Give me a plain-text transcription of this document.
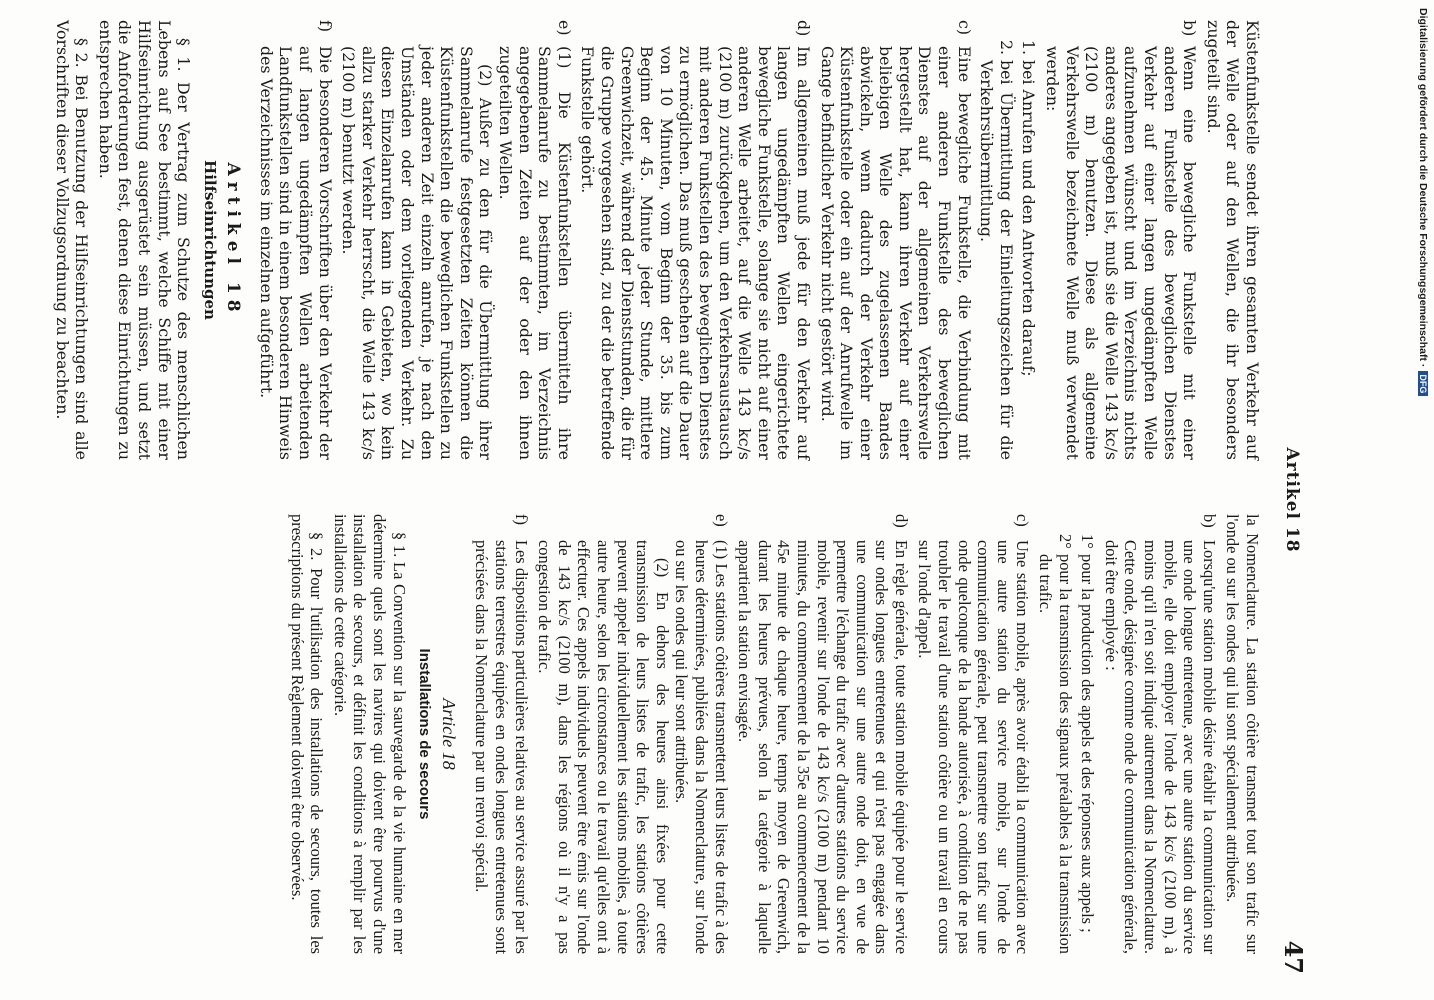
Artikel 18
47

Küstenfunkstelle sendet ihren gesamten Verkehr auf der Welle oder auf den Wellen, die ihr besonders zugeteilt sind.

b)
Wenn eine bewegliche Funkstelle mit einer anderen Funkstelle des beweglichen Dienstes Verkehr auf einer langen ungedämpften Welle aufzunehmen wünscht und im Verzeichnis nichts anderes angegeben ist, muß sie die Welle 143 kc/s (2100 m) benutzen. Diese als allgemeine Verkehrswelle bezeichnete Welle muß verwendet werden:
1.
bei Anrufen und den Antworten darauf;
2.
bei Übermittlung der Einleitungszeichen für die Verkehrsübermittlung.
c)
Eine bewegliche Funkstelle, die Verbindung mit einer anderen Funkstelle des beweglichen Dienstes auf der allgemeinen Verkehrswelle hergestellt hat, kann ihren Verkehr auf einer beliebigen Welle des zugelassenen Bandes abwickeln, wenn dadurch der Verkehr einer Küstenfunkstelle oder ein auf der Anrufwelle im Gange befindlicher Verkehr nicht gestört wird.
d)
Im allgemeinen muß jede für den Verkehr auf langen ungedämpften Wellen eingerichtete bewegliche Funkstelle, solange sie nicht auf einer anderen Welle arbeitet, auf die Welle 143 kc/s (2100 m) zurückgehen, um den Verkehrsaustausch mit anderen Funkstellen des beweglichen Dienstes zu ermöglichen. Das muß geschehen auf die Dauer von 10 Minuten, vom Beginn der 35. bis zum Beginn der 45. Minute jeder Stunde, mittlere Greenwichzeit, während der Dienststunden, die für die Gruppe vorgesehen sind, zu der die betreffende Funkstelle gehört.
e)
(1) Die Küstenfunkstellen übermitteln ihre Sammelanrufe zu bestimmten, im Verzeichnis angegebenen Zeiten auf der oder den ihnen zugeteilten Wellen.

(2) Außer zu den für die Übermittlung ihrer Sammelanrufe festgesetzten Zeiten können die Küstenfunkstellen die beweglichen Funkstellen zu jeder anderen Zeit einzeln anrufen, je nach den Umständen oder dem vorliegenden Verkehr. Zu diesen Einzelanrufen kann in Gebieten, wo kein allzu starker Verkehr herrscht, die Welle 143 kc/s (2100 m) benutzt werden.

f)
Die besonderen Vorschriften über den Verkehr der auf langen ungedämpften Wellen arbeitenden Landfunkstellen sind in einem besonderen Hinweis des Verzeichnisses im einzelnen aufgeführt.
Artikel 18
Hilfseinrichtungen

§ 1. Der Vertrag zum Schutze des menschlichen Lebens auf See bestimmt, welche Schiffe mit einer Hilfseinrichtung ausgerüstet sein müssen, und setzt die Anforderungen fest, denen diese Einrichtungen zu entsprechen haben.

§ 2. Bei Benutzung der Hilfseinrichtungen sind alle Vorschriften dieser Vollzugsordnung zu beachten.

la Nomenclature. La station côtière transmet tout son trafic sur l'onde ou sur les ondes qui lui sont spécialement attribuées.

b)
Lorsqu'une station mobile désire établir la communication sur une onde longue entretenue, avec une autre station du service mobile, elle doit employer l'onde de 143 kc/s (2100 m), à moins qu'il n'en soit indiqué autrement dans la Nomenclature. Cette onde, désignée comme onde de communication générale, doit être employée :
1°
pour la production des appels et des réponses aux appels ;
2°
pour la transmission des signaux préalables à la transmission du trafic.
c)
Une station mobile, après avoir établi la communication avec une autre station du service mobile, sur l'onde de communication générale, peut transmettre son trafic sur une onde quelconque de la bande autorisée, à condition de ne pas troubler le travail d'une station côtière ou un travail en cours sur l'onde d'appel.
d)
En règle générale, toute station mobile équipée pour le service sur ondes longues entretenues et qui n'est pas engagée dans une communication sur une autre onde doit, en vue de permettre l'échange du trafic avec d'autres stations du service mobile, revenir sur l'onde de 143 kc/s (2100 m) pendant 10 minutes, du commencement de la 35e au commencement de la 45e minute de chaque heure, temps moyen de Greenwich, durant les heures prévues, selon la catégorie à laquelle appartient la station envisagée.
e)
(1) Les stations côtières transmettent leurs listes de trafic à des heures déterminées, publiées dans la Nomenclature, sur l'onde ou sur les ondes qui leur sont attribuées.

(2) En dehors des heures ainsi fixées pour cette transmission de leurs listes de trafic, les stations côtières peuvent appeler individuellement les stations mobiles, à toute autre heure, selon les circonstances ou le travail qu'elles ont à effectuer. Ces appels individuels peuvent être émis sur l'onde de 143 kc/s (2100 m), dans les régions où il n'y a pas congestion de trafic.

f)
Les dispositions particulières relatives au service assuré par les stations terrestres équipées en ondes longues entretenues sont précisées dans la Nomenclature par un renvoi spécial.
Article 18
Installations de secours

§ 1. La Convention sur la sauvegarde de la vie humaine en mer détermine quels sont les navires qui doivent être pourvus d'une installation de secours, et définit les conditions à remplir par les installations de cette catégorie.

§ 2. Pour l'utilisation des installations de secours, toutes les prescriptions du présent Règlement doivent être observées.

Digitalisierung gefördert durch die Deutsche Forschungsgemeinschaft ·
DFG
